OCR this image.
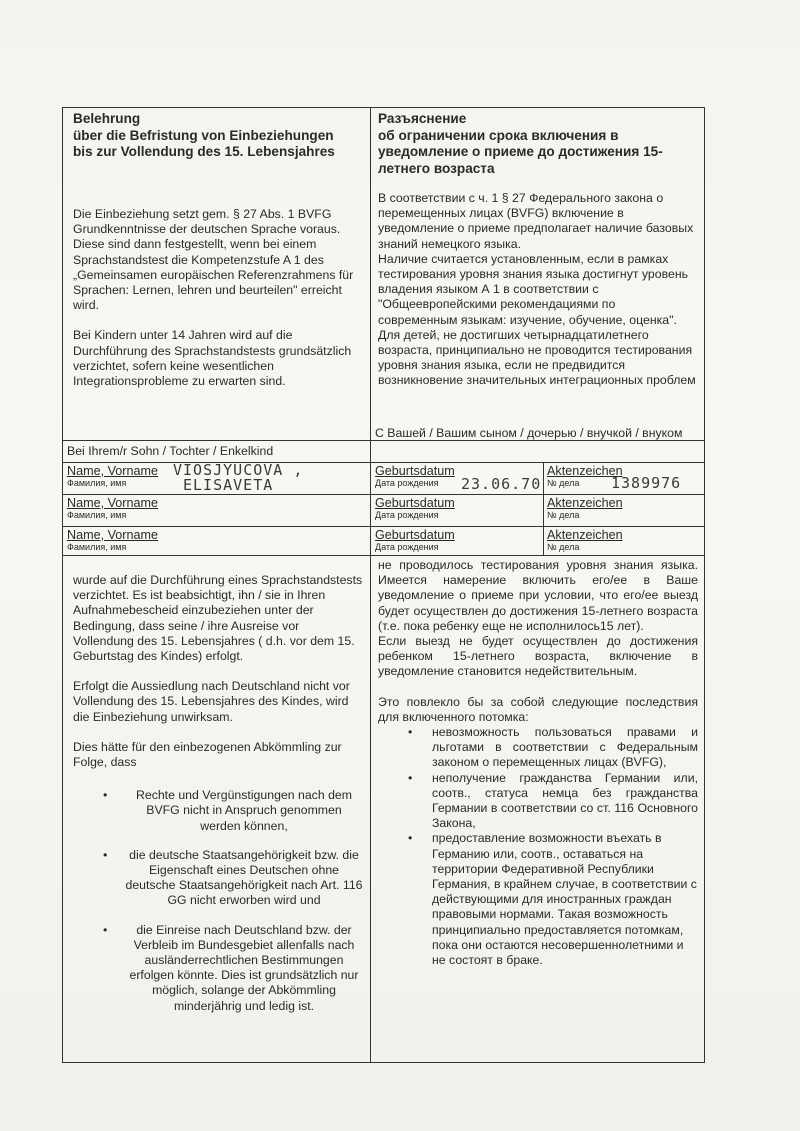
Belehrung
über die Befristung von Einbeziehungen
bis zur Vollendung des 15. Lebensjahres
Разъяснение
об ограничении срока включения в
уведомление о приеме до достижения 15-
летнего возраста

Die Einbeziehung setzt gem. § 27 Abs. 1 BVFG Grundkenntnisse der deutschen Sprache voraus. Diese sind dann festgestellt, wenn bei einem Sprachstandstest die Kompetenzstufe A 1 des „Gemeinsamen europäischen Referenzrahmens für Sprachen: Lernen, lehren und beurteilen" erreicht wird.

Bei Kindern unter 14 Jahren wird auf die Durchführung des Sprachstandstests grundsätzlich verzichtet, sofern keine wesentlichen Integrationsprobleme zu erwarten sind.

В соответствии с ч. 1 § 27 Федерального закона о перемещенных лицах (BVFG) включение в уведомление о приеме предполагает наличие базовых знаний немецкого языка.

Наличие считается установленным, если в рамках тестирования уровня знания языка достигнут уровень владения языком А 1 в соответствии с "Общеевропейскими рекомендациями по современным языкам: изучение, обучение, оценка".

Для детей, не достигших четырнадцатилетнего возраста, принципиально не проводится тестирования уровня знания языка, если не предвидится возникновение значительных интеграционных проблем

Bei Ihrem/r Sohn / Tochter / Enkelkind
С Вашей / Вашим сыном / дочерью / внучкой / внуком
Name, Vorname
Фамилия, имя
Geburtsdatum
Дата рождения
Aktenzeichen
№ дела
Name, Vorname
Фамилия, имя
Geburtsdatum
Дата рождения
Aktenzeichen
№ дела
Name, Vorname
Фамилия, имя
Geburtsdatum
Дата рождения
Aktenzeichen
№ дела
VIOSJYUCOVA ,
ELISAVETA	23.06.70	1389976

wurde auf die Durchführung eines Sprachstandstests verzichtet. Es ist beabsichtigt, ihn / sie in Ihren Aufnahmebescheid einzubeziehen unter der Bedingung, dass seine / ihre Ausreise vor Vollendung des 15. Lebensjahres ( d.h. vor dem 15. Geburtstag des Kindes) erfolgt.

Erfolgt die Aussiedlung nach Deutschland nicht vor Vollendung des 15. Lebensjahres des Kindes, wird die Einbeziehung unwirksam.

Dies hätte für den einbezogenen Abkömmling zur Folge, dass

• Rechte und Vergünstigungen nach dem BVFG nicht in Anspruch genommen werden können,
• die deutsche Staatsangehörigkeit bzw. die Eigenschaft eines Deutschen ohne deutsche Staatsangehörigkeit nach Art. 116 GG nicht erworben wird und
• die Einreise nach Deutschland bzw. der Verbleib im Bundesgebiet allenfalls nach ausländerrechtlichen Bestimmungen erfolgen könnte. Dies ist grundsätzlich nur möglich, solange der Abkömmling minderjährig und ledig ist.

не проводилось тестирования уровня знания языка. Имеется намерение включить его/ее в Ваше уведомление о приеме при условии, что его/ее выезд будет осуществлен до достижения 15-летнего возраста (т.е. пока ребенку еще не исполнилось15 лет).

Если выезд не будет осуществлен до достижения ребенком 15-летнего возраста, включение в уведомление становится недействительным.

Это повлекло бы за собой следующие последствия для включенного потомка:

• невозможность пользоваться правами и льготами в соответствии с Федеральным законом о перемещенных лицах (BVFG),
• неполучение гражданства Германии или, соотв., статуса немца без гражданства Германии в соответствии со ст. 116 Основного Закона,
• предоставление возможности въехать в Германию или, соотв., оставаться на территории Федеративной Республики Германия, в крайнем случае, в соответствии с действующими для иностранных граждан правовыми нормами. Такая возможность принципиально предоставляется потомкам, пока они остаются несовершеннолетними и не состоят в браке.
